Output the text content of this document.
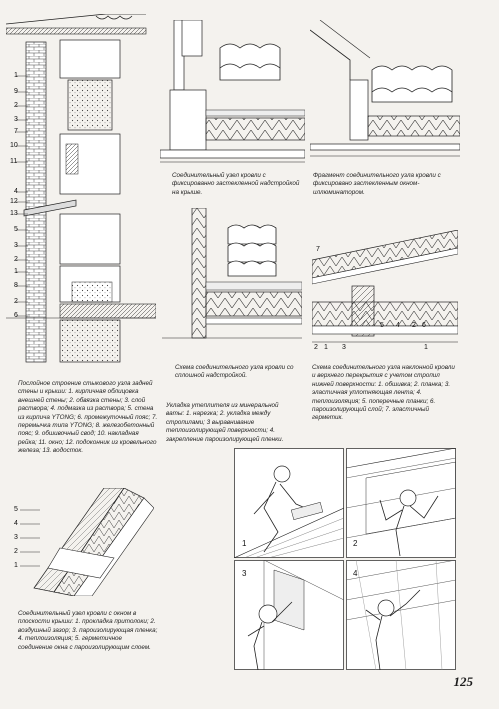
1
9
2
3
7
10
11
4
12
13
5
3
2
1
8
2
6
Послойное строение стыкового узла задней стены и крыши: 1. кирпичная облицовка внешней стены; 2. обвязка стены; 3. слой раствора; 4. подмазка из раствора; 5. стена из кирпича YTONG; 6. промежуточный пояс; 7. перемычка типа YTONG; 8. железобетонный пояс; 9. обшивочный свод; 10. накладная рейка; 11. окно; 12. подоконник из кровельного железа; 13. водосток.
Соединительный узел кровли с фиксированно застекленной надстройкой на крыше.
Фрагмент соединительного узла кровли с фиксировано застекленным окном-иллюминатором.
Схема соединительного узла кровли со сплошной надстройкой.
7
5 4 2 6
2 1 3	1
Схема соединительного узла наклонной кровли и верхнего перекрытия с учетом стропил нижней поверхности: 1. обшивка; 2. планка; 3. эластичная уплотняющая лента; 4. теплоизоляция; 5. поперечные планки; 6. пароизолирующий слой; 7. эластичный герметик.
Укладка утеплителя из минеральной ваты: 1. нарезка; 2. укладка между стропилами; 3 выравнивание теплоизолирующей поверхности; 4. закрепление пароизолирующей пленки.
5
4
3
2
1
Соединительный узел кровли с окном в плоскости крыши: 1. прокладка притолоки; 2. воздушный зазор; 3. пароизолирующая пленка; 4. теплоизоляция; 5. герметичное соединение окна с пароизолирующим слоем.
1	2
3	4
125
